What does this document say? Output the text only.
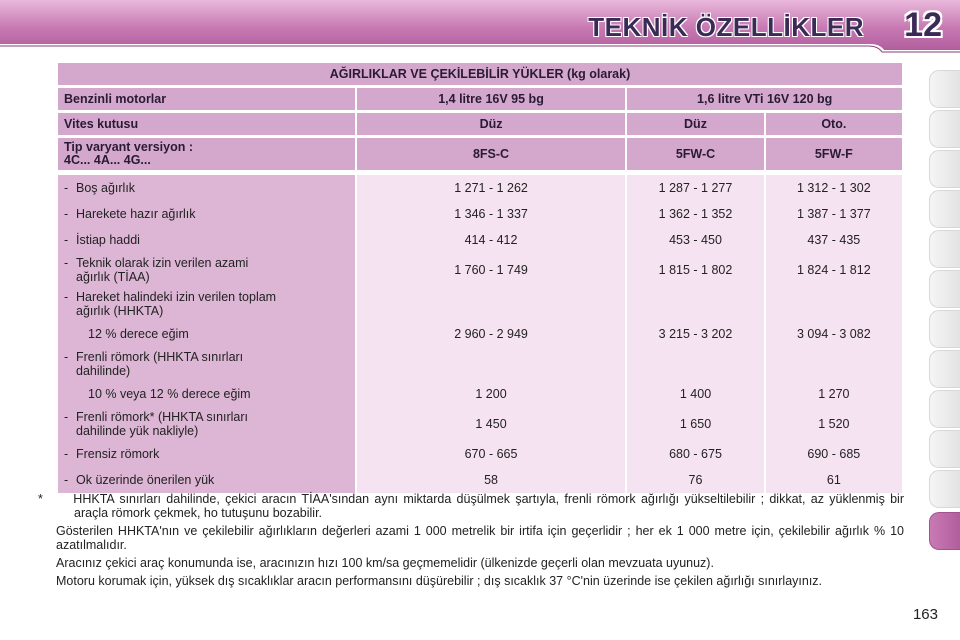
TEKNİK ÖZELLİKLER 12
AĞIRLIKLAR VE ÇEKİLEBİLİR YÜKLER (kg olarak)			

Benzinli motorlar	1,4 litre 16V 95 bg	1,6 litre VTi 16V 120 bg	

Vites kutusu	Düz	Düz	Oto.

Tip varyant versiyon :
4C... 4A... 4G...	8FS-C	5FW-C	5FW-F

- Boş ağırlık	1 271 - 1 262	1 287 - 1 277	1 312 - 1 302
- Harekete hazır ağırlık	1 346 - 1 337	1 362 - 1 352	1 387 - 1 377
- İstiap haddi	414 - 412	453 - 450	437 - 435
- Teknik olarak izin verilen azami
ağırlık (TİAA)	1 760 - 1 749	1 815 - 1 802	1 824 - 1 812
- Hareket halindeki izin verilen toplam
ağırlık (HHKTA)			

12 % derece eğim	2 960 - 2 949	3 215 - 3 202	3 094 - 3 082
- Frenli römork (HHKTA sınırları
dahilinde)			

10 % veya 12 % derece eğim	1 200	1 400	1 270
- Frenli römork* (HHKTA sınırları
dahilinde yük nakliyle)	1 450	1 650	1 520
- Frensiz römork	670 - 665	680 - 675	690 - 685
- Ok üzerinde önerilen yük	58	76	61

* HHKTA sınırları dahilinde, çekici aracın TİAA'sından aynı miktarda düşülmek şartıyla, frenli römork ağırlığı yükseltilebilir ; dikkat, az yüklenmiş bir araçla römork çekmek, ho tutuşunu bozabilir.

Gösterilen HHKTA'nın ve çekilebilir ağırlıkların değerleri azami 1 000 metrelik bir irtifa için geçerlidir ; her ek 1 000 metre için, çekilebilir ağırlık % 10 azatılmalıdır.

Aracınız çekici araç konumunda ise, aracınızın hızı 100 km/sa geçmemelidir (ülkenizde geçerli olan mevzuata uyunuz).

Motoru korumak için, yüksek dış sıcaklıklar aracın performansını düşürebilir ; dış sıcaklık 37 °C'nin üzerinde ise çekilen ağırlığı sınırlayınız.

163
